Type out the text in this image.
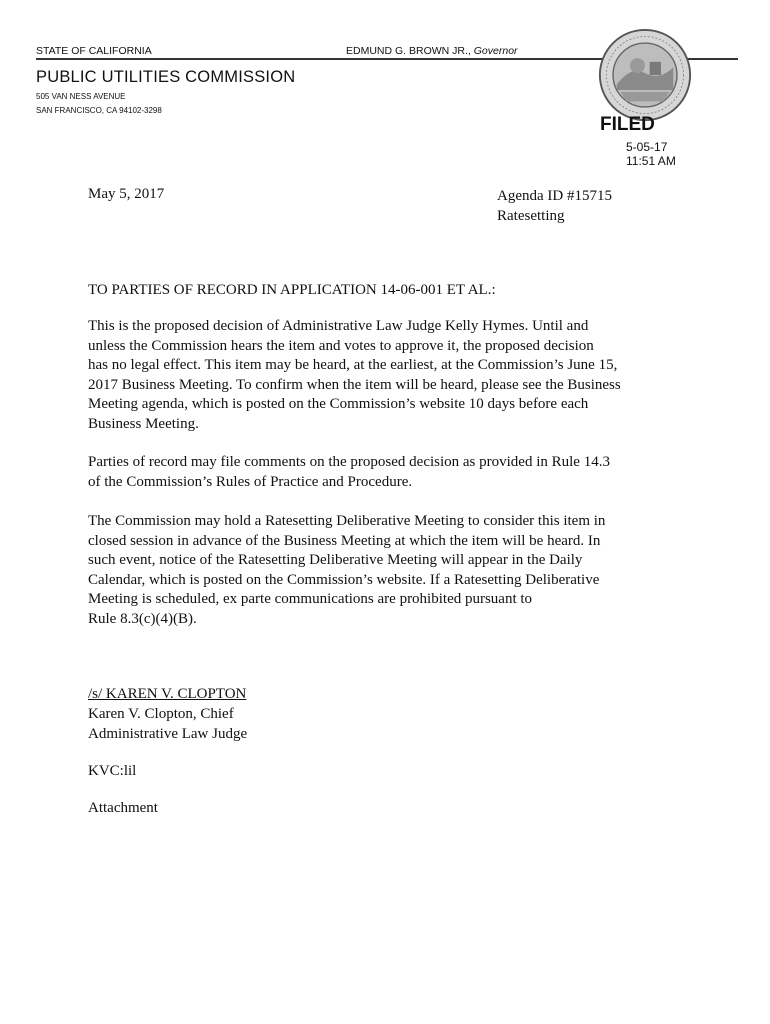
STATE OF CALIFORNIA	EDMUND G. BROWN JR., Governor
PUBLIC UTILITIES COMMISSION
505 VAN NESS AVENUE
SAN FRANCISCO, CA 94102-3298
FILED
5-05-17
11:51 AM
May 5, 2017	Agenda ID #15715
Ratesetting
TO PARTIES OF RECORD IN APPLICATION 14-06-001 ET AL.:

This is the proposed decision of Administrative Law Judge Kelly Hymes. Until and
unless the Commission hears the item and votes to approve it, the proposed decision
has no legal effect. This item may be heard, at the earliest, at the Commission’s June 15,
2017 Business Meeting. To confirm when the item will be heard, please see the Business
Meeting agenda, which is posted on the Commission’s website 10 days before each
Business Meeting.

Parties of record may file comments on the proposed decision as provided in Rule 14.3
of the Commission’s Rules of Practice and Procedure.

The Commission may hold a Ratesetting Deliberative Meeting to consider this item in
closed session in advance of the Business Meeting at which the item will be heard. In
such event, notice of the Ratesetting Deliberative Meeting will appear in the Daily
Calendar, which is posted on the Commission’s website. If a Ratesetting Deliberative
Meeting is scheduled, ex parte communications are prohibited pursuant to
Rule 8.3(c)(4)(B).

/s/ KAREN V. CLOPTON
Karen V. Clopton, Chief
Administrative Law Judge
KVC:lil
Attachment
